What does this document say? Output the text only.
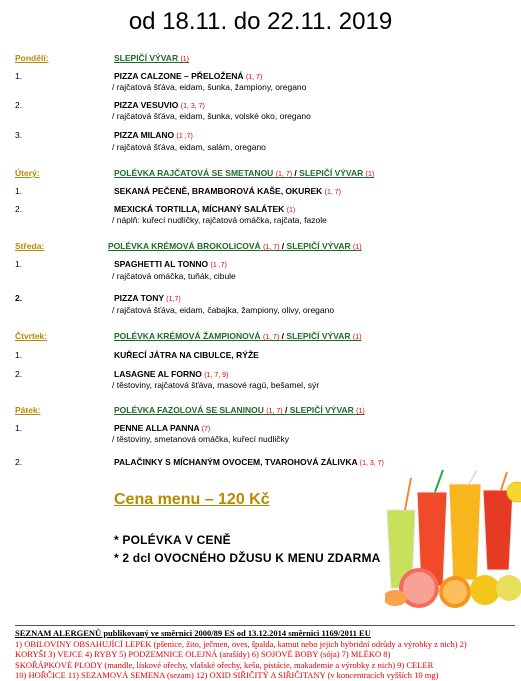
od 18.11. do 22.11. 2019
Pondělí:	SLEPIČÍ VÝVAR (1)
1.	PIZZA CALZONE – PŘELOŽENÁ (1, 7)
/ rajčatová šťáva, eidam, šunka, žampiony, oregano
2.	PIZZA VESUVIO (1, 3, 7)
/ rajčatová šťáva, eidam, šunka, volské oko, oregano
3.	PIZZA MILANO (1 ,7)
/ rajčatová šťáva, eidam, salám, oregano
Úterý:	POLÉVKA RAJČATOVÁ SE SMETANOU (1, 7) / SLEPIČÍ VÝVAR (1)
1.	SEKANÁ PEČENĚ, BRAMBOROVÁ KAŠE, OKUREK (1, 7)
2.	MEXICKÁ TORTILLA, MÍCHANÝ SALÁTEK (1)
/ náplň: kuřecí nudličky, rajčatová omáčka, rajčata, fazole
Středa:	POLÉVKA KRÉMOVÁ BROKOLICOVÁ (1, 7) / SLEPIČÍ VÝVAR (1)
1.	SPAGHETTI AL TONNO (1 ,7)
/ rajčatová omáčka, tuňák, cibule
2.	PIZZA TONY (1,7)
/ rajčatová šťáva, eidam, čabajka, žampiony, olivy, oregano
Čtvrtek:	POLÉVKA KRÉMOVÁ ŽAMPIONOVÁ (1, 7) / SLEPIČÍ VÝVAR (1)
1.	KUŘECÍ JÁTRA NA CIBULCE, RÝŽE
2.	LASAGNE AL FORNO (1, 7, 9)
/ těstoviny, rajčatová šťáva, masové ragú, bešamel, sýr
Pátek:	POLÉVKA FAZOLOVÁ SE SLANINOU (1, 7) / SLEPIČÍ VÝVAR (1)
1.	PENNE ALLA PANNA (7)
/ těstoviny, smetanová omáčka, kuřecí nudličky
2.	PALAČINKY S MÍCHANÝM OVOCEM, TVAROHOVÁ ZÁLIVKA (1, 3, 7)
Cena menu – 120 Kč
* POLÉVKA V CENĚ
* 2 dcl OVOCNÉHO DŽUSU K MENU ZDARMA
SEZNAM ALERGENŮ publikovaný ve směrnici 2000/89 ES od 13.12.2014 směrnici 1169/2011 EU
1) OBILOVINY OBSAHUJÍCÍ LEPEK (pšenice, žito, ječmen, oves, špalda, kamut nebo jejich hybridní odrůdy a výrobky z nich) 2)
KORYŠI 3) VEJCE 4) RYBY 5) PODZEMNICE OLEJNÁ (arašídy) 6) SOJOVÉ BOBY (sója) 7) MLÉKO 8)
SKOŘÁPKOVÉ PLODY (mandle, lískové ořechy, vlašské ořechy, kešu, pistácie, makademie a výrobky z nich) 9) CELER
10) HOŘČICE 11) SEZAMOVÁ SEMENA (sezam) 12) OXID SIŘIČITÝ A SIŘIČITANY (v koncentracích vyšších 10 mg)
